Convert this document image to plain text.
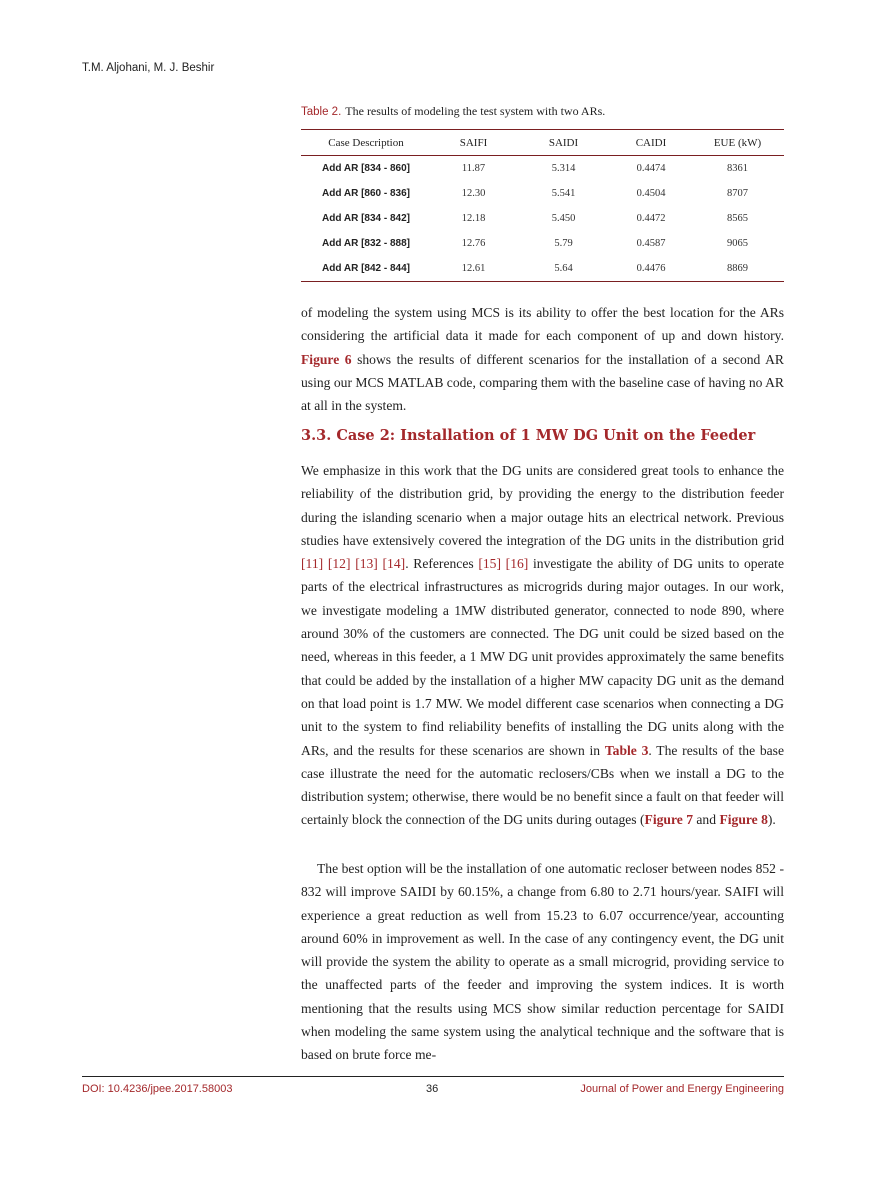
T.M. Aljohani, M. J. Beshir

Table 2. The results of modeling the test system with two ARs.

Case Description	SAIFI	SAIDI	CAIDI	EUE (kW)
Add AR [834 - 860]	11.87	5.314	0.4474	8361
Add AR [860 - 836]	12.30	5.541	0.4504	8707
Add AR [834 - 842]	12.18	5.450	0.4472	8565
Add AR [832 - 888]	12.76	5.79	0.4587	9065
Add AR [842 - 844]	12.61	5.64	0.4476	8869

of modeling the system using MCS is its ability to offer the best location for the ARs considering the artificial data it made for each component of up and down history. Figure 6 shows the results of different scenarios for the installation of a second AR using our MCS MATLAB code, comparing them with the baseline case of having no AR at all in the system.

3.3. Case 2: Installation of 1 MW DG Unit on the Feeder

We emphasize in this work that the DG units are considered great tools to enhance the reliability of the distribution grid, by providing the energy to the distribution feeder during the islanding scenario when a major outage hits an electrical network. Previous studies have extensively covered the integration of the DG units in the distribution grid [11] [12] [13] [14]. References [15] [16] investigate the ability of DG units to operate parts of the electrical infrastructures as microgrids during major outages. In our work, we investigate modeling a 1MW distributed generator, connected to node 890, where around 30% of the customers are connected. The DG unit could be sized based on the need, whereas in this feeder, a 1 MW DG unit provides approximately the same benefits that could be added by the installation of a higher MW capacity DG unit as the demand on that load point is 1.7 MW. We model different case scenarios when connecting a DG unit to the system to find reliability benefits of installing the DG units along with the ARs, and the results for these scenarios are shown in Table 3. The results of the base case illustrate the need for the automatic reclosers/CBs when we install a DG to the distribution system; otherwise, there would be no benefit since a fault on that feeder will certainly block the connection of the DG units during outages (Figure 7 and Figure 8).

The best option will be the installation of one automatic recloser between nodes 852 - 832 will improve SAIDI by 60.15%, a change from 6.80 to 2.71 hours/year. SAIFI will experience a great reduction as well from 15.23 to 6.07 occurrence/year, accounting around 60% in improvement as well. In the case of any contingency event, the DG unit will provide the system the ability to operate as a small microgrid, providing service to the unaffected parts of the feeder and improving the system indices. It is worth mentioning that the results using MCS show similar reduction percentage for SAIDI when modeling the same system using the analytical technique and the software that is based on brute force me-

DOI: 10.4236/jpee.2017.58003	36	Journal of Power and Energy Engineering
